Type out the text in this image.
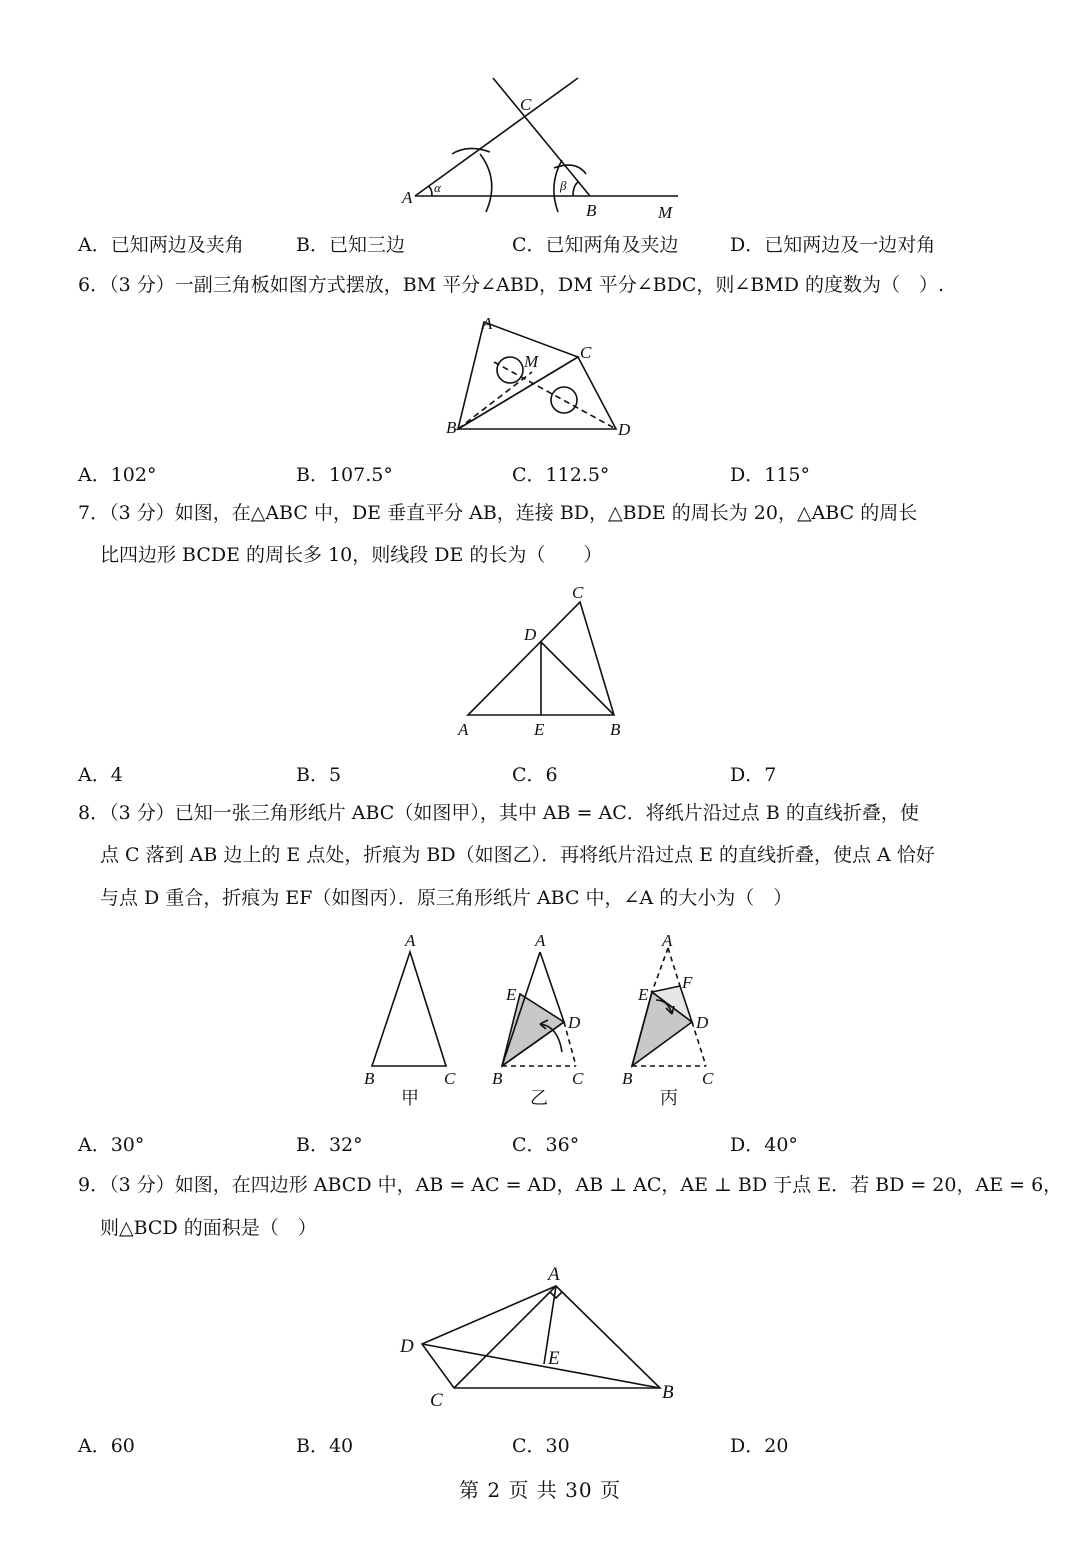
A
C
B	M
α	β
A．已知两边及夹角	B．已知三边	C．已知两角及夹边	D．已知两边及一边对角
6．（3 分）一副三角板如图方式摆放，BM 平分∠ABD，DM 平分∠BDC，则∠BMD 的度数为（　）.
A
C
M
B	D
A．102°	B．107.5°	C．112.5°	D．115°
7．（3 分）如图，在△ABC 中，DE 垂直平分 AB，连接 BD，△BDE 的周长为 20，△ABC 的周长
比四边形 BCDE 的周长多 10，则线段 DE 的长为（　　）
C
D
A	E	B
A．4	B．5	C．6	D．7
8．（3 分）已知一张三角形纸片 ABC（如图甲），其中 AB = AC．将纸片沿过点 B 的直线折叠，使
点 C 落到 AB 边上的 E 点处，折痕为 BD（如图乙）．再将纸片沿过点 E 的直线折叠，使点 A 恰好
与点 D 重合，折痕为 EF（如图丙）．原三角形纸片 ABC 中，∠A 的大小为（　）
A
B	C
甲
A
E
D
B	C
乙
A
E
F
D
B	C
丙
A．30°	B．32°	C．36°	D．40°
9．（3 分）如图，在四边形 ABCD 中，AB = AC = AD，AB ⊥ AC，AE ⊥ BD 于点 E．若 BD = 20，AE = 6，
则△BCD 的面积是（　）
A
D
E
C	B
A．60	B．40	C．30	D．20
第 2 页 共 30 页
